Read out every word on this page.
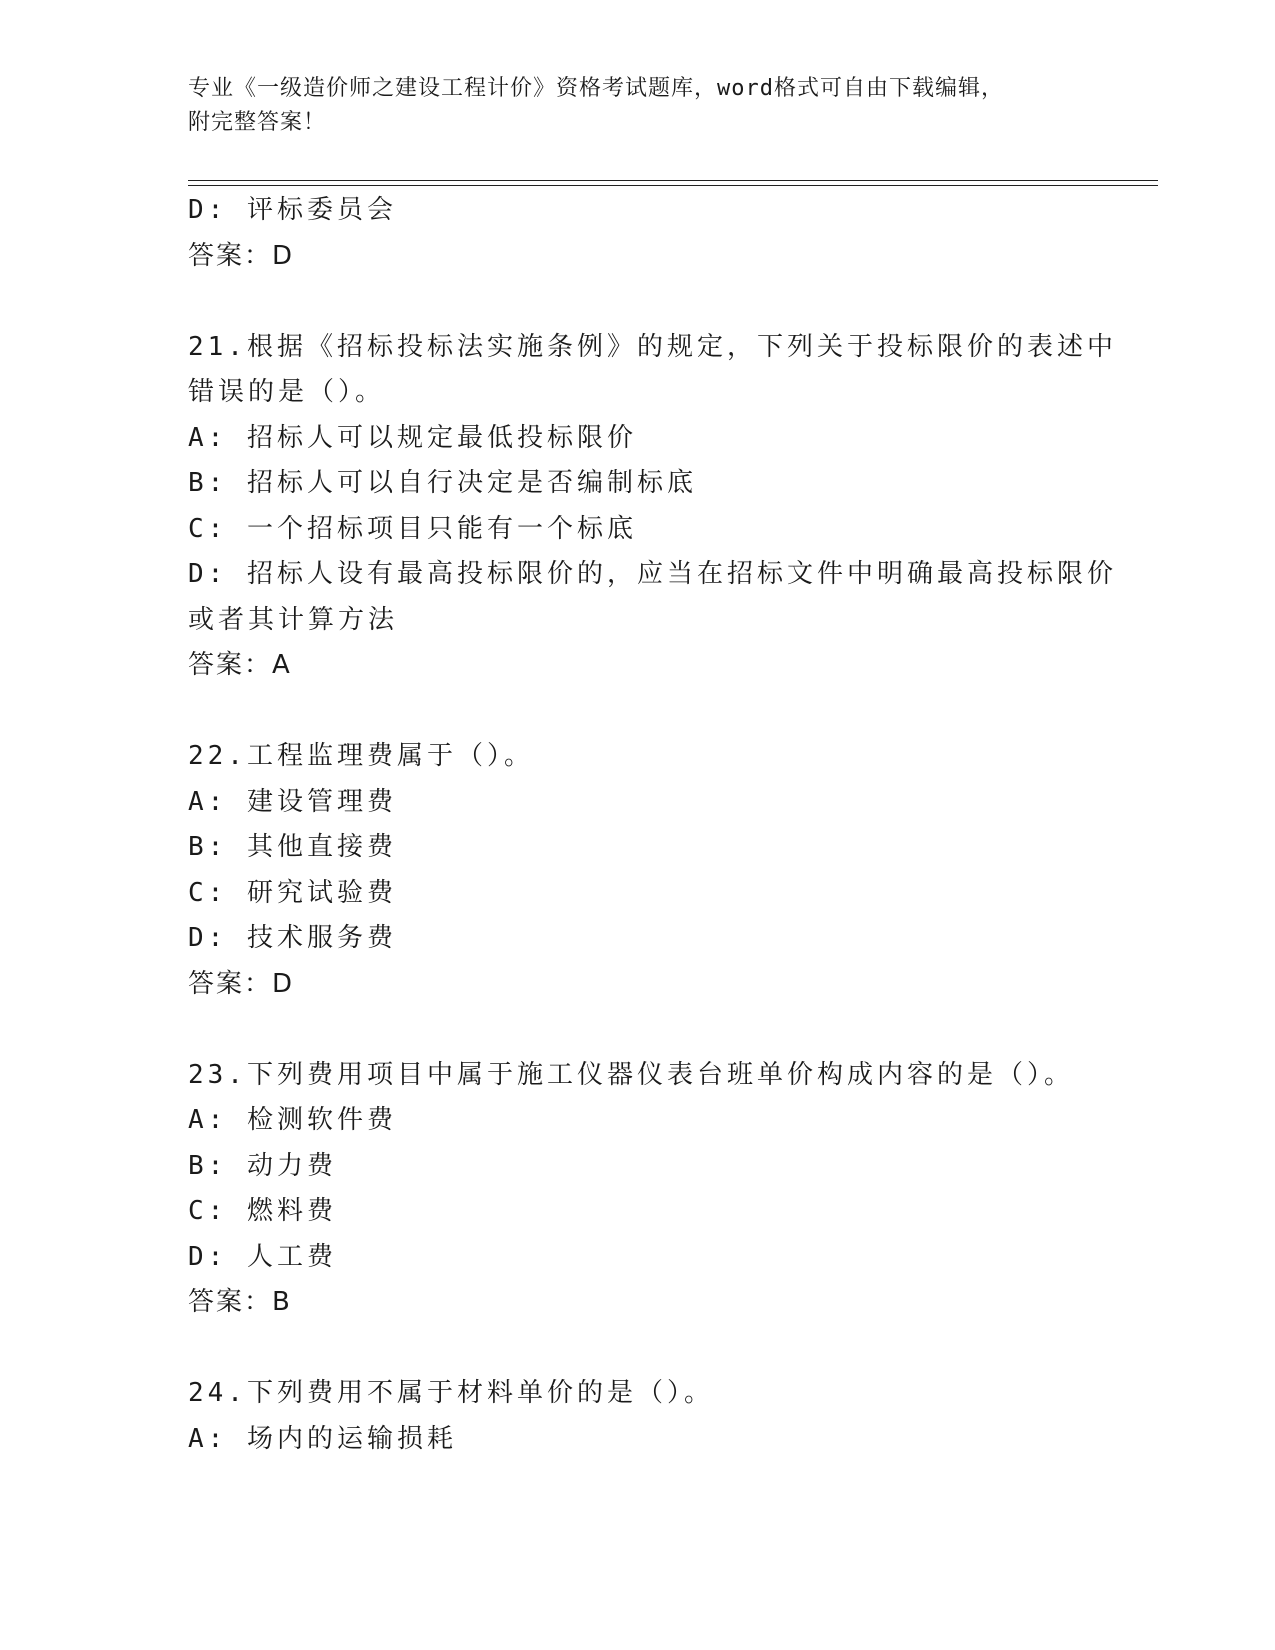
专业《一级造价师之建设工程计价》资格考试题库，word格式可自由下载编辑，
附完整答案！
D: 评标委员会
答案：D
21.根据《招标投标法实施条例》的规定，下列关于投标限价的表述中
错误的是（）。
A: 招标人可以规定最低投标限价
B: 招标人可以自行决定是否编制标底
C: 一个招标项目只能有一个标底
D: 招标人设有最高投标限价的，应当在招标文件中明确最高投标限价
或者其计算方法
答案：A
22.工程监理费属于（）。
A: 建设管理费
B: 其他直接费
C: 研究试验费
D: 技术服务费
答案：D
23.下列费用项目中属于施工仪器仪表台班单价构成内容的是（）。
A: 检测软件费
B: 动力费
C: 燃料费
D: 人工费
答案：B
24.下列费用不属于材料单价的是（）。
A: 场内的运输损耗
